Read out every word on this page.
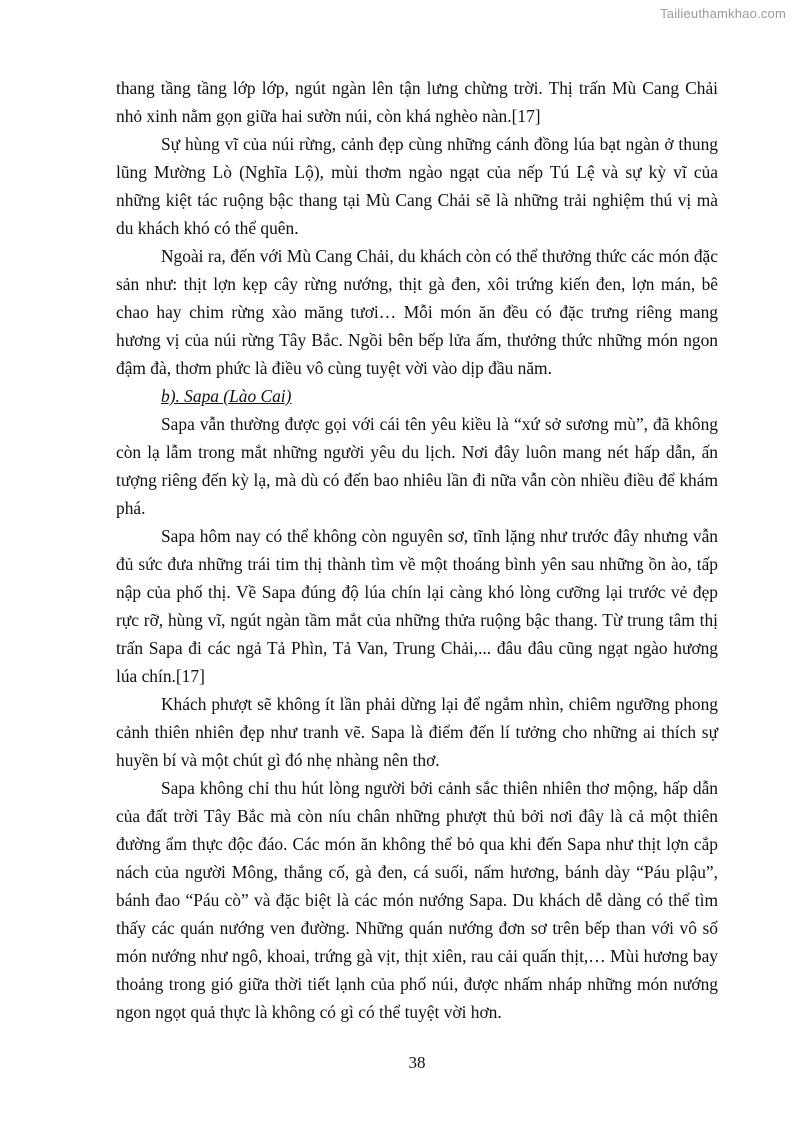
Tailieuthamkhao.com

thang tầng tầng lớp lớp, ngút ngàn lên tận lưng chừng trời. Thị trấn Mù Cang Chải nhỏ xinh nằm gọn giữa hai sườn núi, còn khá nghèo nàn.[17]

Sự hùng vĩ của núi rừng, cảnh đẹp cùng những cánh đồng lúa bạt ngàn ở thung lũng Mường Lò (Nghĩa Lộ), mùi thơm ngào ngạt của nếp Tú Lệ và sự kỳ vĩ của những kiệt tác ruộng bậc thang tại Mù Cang Chải sẽ là những trải nghiệm thú vị mà du khách khó có thể quên.

Ngoài ra, đến với Mù Cang Chải, du khách còn có thể thưởng thức các món đặc sản như: thịt lợn kẹp cây rừng nướng, thịt gà đen, xôi trứng kiến đen, lợn mán, bê chao hay chim rừng xào măng tươi… Mỗi món ăn đều có đặc trưng riêng mang hương vị của núi rừng Tây Bắc. Ngồi bên bếp lửa ấm, thưởng thức những món ngon đậm đà, thơm phức là điều vô cùng tuyệt vời vào dịp đầu năm.

b). Sapa (Lào Cai)

Sapa vẫn thường được gọi với cái tên yêu kiều là “xứ sở sương mù”, đã không còn lạ lẫm trong mắt những người yêu du lịch. Nơi đây luôn mang nét hấp dẫn, ấn tượng riêng đến kỳ lạ, mà dù có đến bao nhiêu lần đi nữa vẫn còn nhiều điều để khám phá.

Sapa hôm nay có thể không còn nguyên sơ, tĩnh lặng như trước đây nhưng vẫn đủ sức đưa những trái tim thị thành tìm về một thoáng bình yên sau những ồn ào, tấp nập của phố thị. Về Sapa đúng độ lúa chín lại càng khó lòng cưỡng lại trước vẻ đẹp rực rỡ, hùng vĩ, ngút ngàn tầm mắt của những thửa ruộng bậc thang. Từ trung tâm thị trấn Sapa đi các ngả Tả Phìn, Tả Van, Trung Chải,... đâu đâu cũng ngạt ngào hương lúa chín.[17]

Khách phượt sẽ không ít lần phải dừng lại để ngắm nhìn, chiêm ngưỡng phong cảnh thiên nhiên đẹp như tranh vẽ. Sapa là điểm đến lí tưởng cho những ai thích sự huyền bí và một chút gì đó nhẹ nhàng nên thơ.

Sapa không chỉ thu hút lòng người bởi cảnh sắc thiên nhiên thơ mộng, hấp dẫn của đất trời Tây Bắc mà còn níu chân những phượt thủ bởi nơi đây là cả một thiên đường ẩm thực độc đáo. Các món ăn không thể bỏ qua khi đến Sapa như thịt lợn cắp nách của người Mông, thắng cố, gà đen, cá suối, nấm hương, bánh dày “Páu plậu”, bánh đao “Páu cò” và đặc biệt là các món nướng Sapa. Du khách dễ dàng có thể tìm thấy các quán nướng ven đường. Những quán nướng đơn sơ trên bếp than với vô số món nướng như ngô, khoai, trứng gà vịt, thịt xiên, rau cải quấn thịt,… Mùi hương bay thoảng trong gió giữa thời tiết lạnh của phố núi, được nhấm nháp những món nướng ngon ngọt quả thực là không có gì có thể tuyệt vời hơn.

38
